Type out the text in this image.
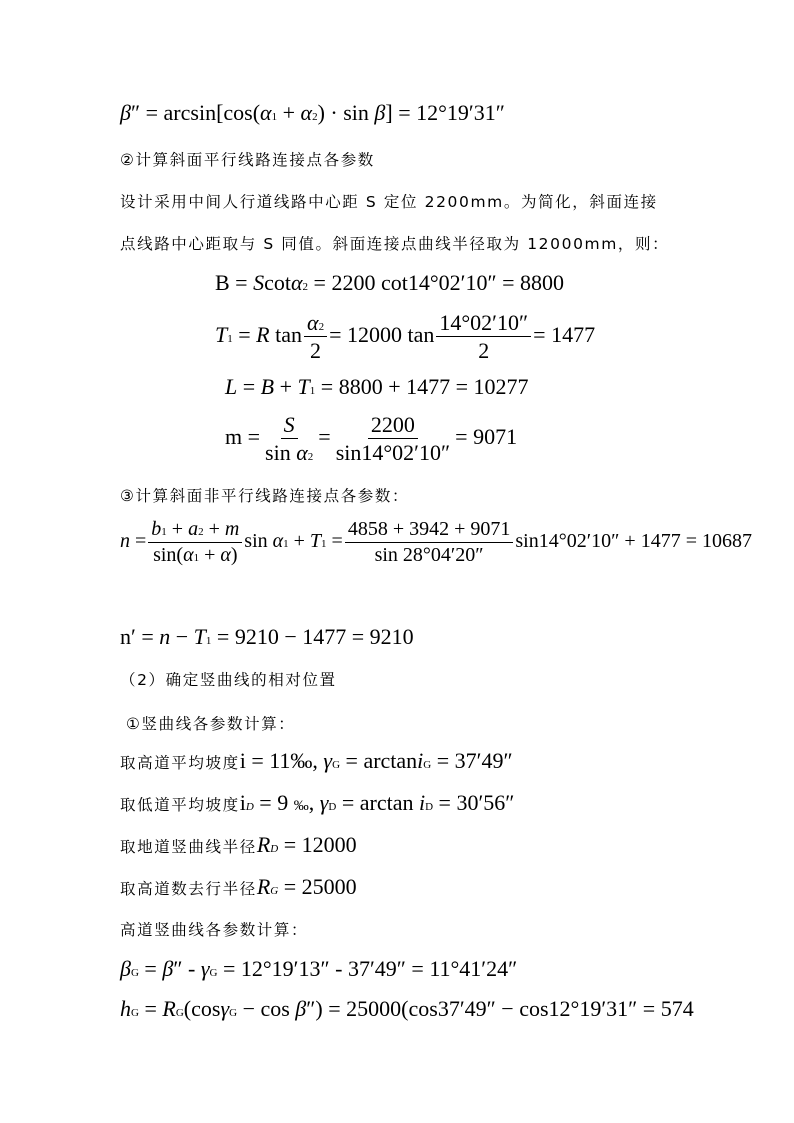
β″ = arcsin[cos(α1 + α2) · sin β] = 12°19′31″
②计算斜面平行线路连接点各参数
设计采用中间人行道线路中心距 S 定位 2200mm。为简化，斜面连接
点线路中心距取与 S 同值。斜面连接点曲线半径取为 12000mm，则：
B = Scotα2 = 2200 cot14°02′10″ = 8800
T1 = R $\tan \frac{\alpha 2}{2} = 12000$ $\tan \frac{14^\circ 02'10''}{2} = 1477$
L = B + T1 = 8800 + 1477 = 10277
$m = \frac{S}{\text{sin α2}} = \frac{2200}{\sin 14^\circ 02'10''} = 9071$
③计算斜面非平行线路连接点各参数：
$n = \frac{b1 + a2 + m}{\sin(\alpha 1 + \alpha)}$ $\sin \alpha 1 + T1 = \frac{4858 + 3942 + 9071}{\sin 28^\circ 04'20''} \sin 14^\circ 02'10'' + 1477 = 10687$
n′ = n − T1 = 9210 − 1477 = 9210
（2）确定竖曲线的相对位置
①竖曲线各参数计算：
取高道平均坡度i = 11‰, γG = arctaniG = 37′49″
取低道平均坡度iD = 9 ‰, γD = arctan iD = 30′56″
取地道竖曲线半径RD = 12000
取高道数去行半径RG = 25000
高道竖曲线各参数计算：
βG = β″ - γG = 12°19′13″ - 37′49″ = 11°41′24″
hG = RG(cosγG − cos β″) = 25000(cos37′49″ − cos12°19′31″ = 574
